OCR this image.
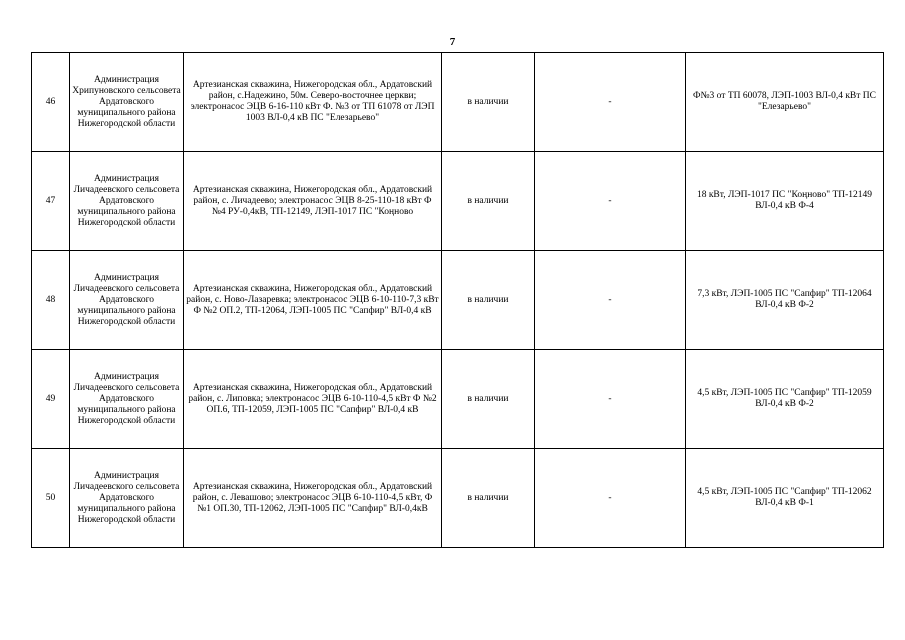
7
46	Администрация Хрипуновского сельсовета Ардатовского муниципального района Нижегородской области	Артезианская скважина, Нижегородская обл., Ардатовский район, с.Надежино, 50м. Северо-восточнее церкви; электронасос ЭЦВ 6-16-110 кВт Ф. №3 от ТП 61078 от ЛЭП 1003 ВЛ-0,4 кВ ПС "Елезарьево"	в наличии	-	Ф№3 от ТП 60078, ЛЭП-1003 ВЛ-0,4 кВт ПС "Елезарьево"
47	Администрация Личадеевского сельсовета Ардатовского муниципального района Нижегородской области	Артезианская скважина, Нижегородская обл., Ардатовский район, с. Личадеево; электронасос ЭЦВ 8-25-110-18 кВт Ф №4 РУ-0,4кВ, ТП-12149, ЛЭП-1017 ПС "Коңново	в наличии	-	18 кВт, ЛЭП-1017 ПС "Коңново" ТП-12149 ВЛ-0,4 кВ Ф-4
48	Администрация Личадеевского сельсовета Ардатовского муниципального района Нижегородской области	Артезианская скважина, Нижегородская обл., Ардатовский район, с. Ново-Лазаревка; электронасос ЭЦВ 6-10-110-7,3 кВт Ф №2 ОП.2, ТП-12064, ЛЭП-1005 ПС "Сапфир" ВЛ-0,4 кВ	в наличии	-	7,3 кВт, ЛЭП-1005 ПС "Сапфир" ТП-12064 ВЛ-0,4 кВ Ф-2
49	Администрация Личадеевского сельсовета Ардатовского муниципального района Нижегородской области	Артезианская скважина, Нижегородская обл., Ардатовский район, с. Липовка; электронасос ЭЦВ 6-10-110-4,5 кВт Ф №2 ОП.6, ТП-12059, ЛЭП-1005 ПС "Сапфир" ВЛ-0,4 кВ	в наличии	-	4,5 кВт, ЛЭП-1005 ПС "Сапфир" ТП-12059 ВЛ-0,4 кВ Ф-2
50	Администрация Личадеевского сельсовета Ардатовского муниципального района Нижегородской области	Артезианская скважина, Нижегородская обл., Ардатовский район, с. Левашово; электронасос ЭЦВ 6-10-110-4,5 кВт, Ф №1 ОП.30, ТП-12062, ЛЭП-1005 ПС "Сапфир" ВЛ-0,4кВ	в наличии	-	4,5 кВт, ЛЭП-1005 ПС "Сапфир" ТП-12062 ВЛ-0,4 кВ Ф-1
